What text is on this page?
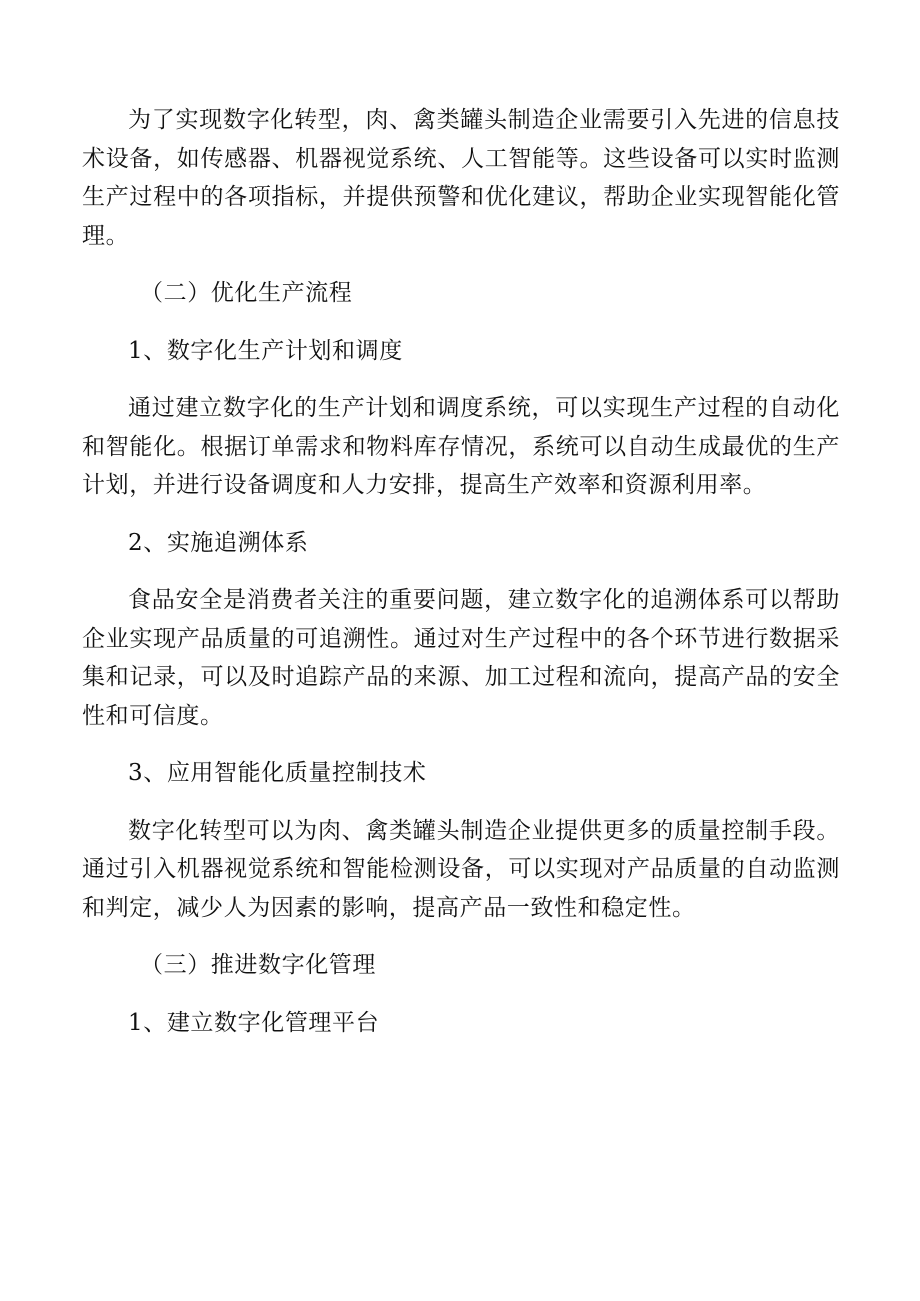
为了实现数字化转型，肉、禽类罐头制造企业需要引入先进的信息技术设备，如传感器、机器视觉系统、人工智能等。这些设备可以实时监测生产过程中的各项指标，并提供预警和优化建议，帮助企业实现智能化管理。

（二）优化生产流程

1、数字化生产计划和调度

通过建立数字化的生产计划和调度系统，可以实现生产过程的自动化和智能化。根据订单需求和物料库存情况，系统可以自动生成最优的生产计划，并进行设备调度和人力安排，提高生产效率和资源利用率。

2、实施追溯体系

食品安全是消费者关注的重要问题，建立数字化的追溯体系可以帮助企业实现产品质量的可追溯性。通过对生产过程中的各个环节进行数据采集和记录，可以及时追踪产品的来源、加工过程和流向，提高产品的安全性和可信度。

3、应用智能化质量控制技术

数字化转型可以为肉、禽类罐头制造企业提供更多的质量控制手段。通过引入机器视觉系统和智能检测设备，可以实现对产品质量的自动监测和判定，减少人为因素的影响，提高产品一致性和稳定性。

（三）推进数字化管理

1、建立数字化管理平台
